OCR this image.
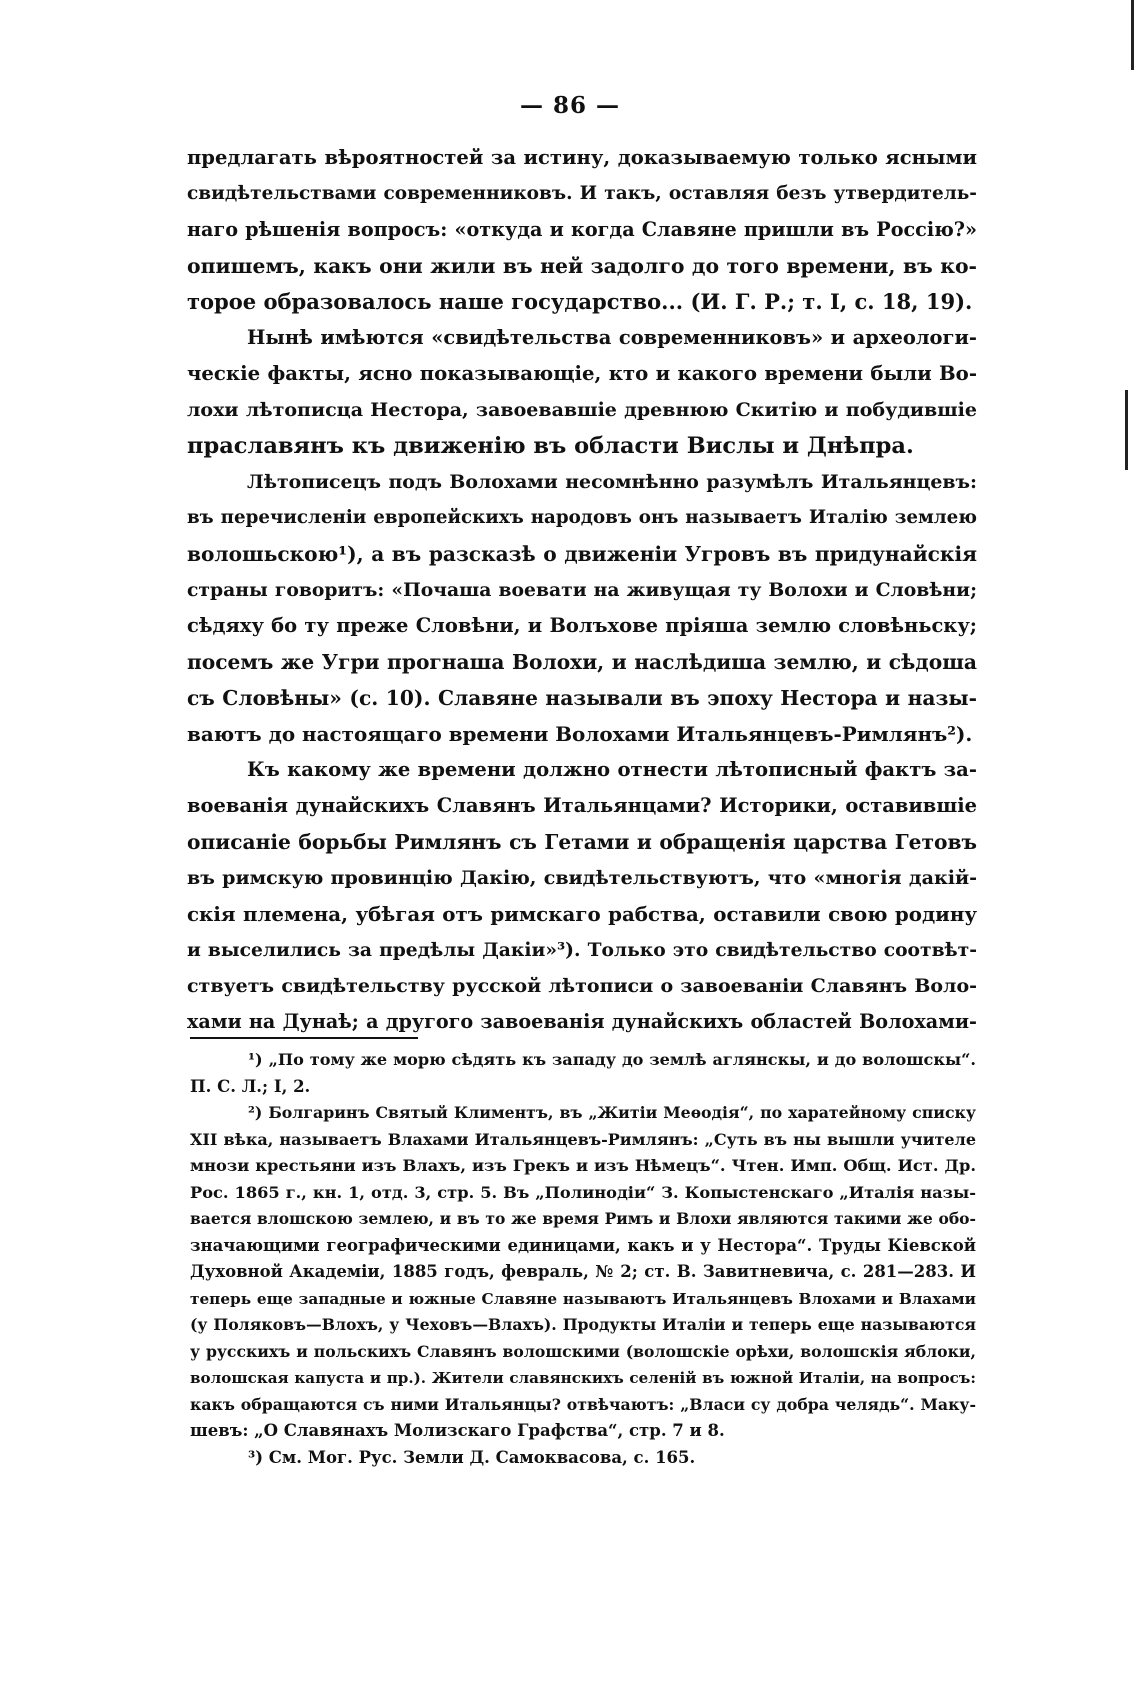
— 86 —
предлагать вѣроятностей за истину, доказываемую только ясными
свидѣтельствами современниковъ. И такъ, оставляя безъ утвердитель-
наго рѣшенія вопросъ: «откуда и когда Славяне пришли въ Россію?»
опишемъ, какъ они жили въ ней задолго до того времени, въ ко-
торое образовалось наше государство... (И. Г. Р.; т. I, с. 18, 19).
Нынѣ имѣются «свидѣтельства современниковъ» и археологи-
ческіе факты, ясно показывающіе, кто и какого времени были Во-
лохи лѣтописца Нестора, завоевавшіе древнюю Скитію и побудившіе
праславянъ къ движенію въ области Вислы и Днѣпра.
Лѣтописецъ подъ Волохами несомнѣнно разумѣлъ Итальянцевъ:
въ перечисленіи европейскихъ народовъ онъ называетъ Италію землею
волошьскою¹), а въ разсказѣ о движеніи Угровъ въ придунайскія
страны говоритъ: «Почаша воевати на живущая ту Волохи и Словѣни;
сѣдяху бо ту преже Словѣни, и Волъхове пріяша землю словѣньску;
посемъ же Угри прогнаша Волохи, и наслѣдиша землю, и сѣдоша
съ Словѣны» (с. 10). Славяне называли въ эпоху Нестора и назы-
ваютъ до настоящаго времени Волохами Итальянцевъ-Римлянъ²).
Къ какому же времени должно отнести лѣтописный фактъ за-
воеванія дунайскихъ Славянъ Итальянцами? Историки, оставившіе
описаніе борьбы Римлянъ съ Гетами и обращенія царства Гетовъ
въ римскую провинцію Дакію, свидѣтельствуютъ, что «многія дакій-
скія племена, убѣгая отъ римскаго рабства, оставили свою родину
и выселились за предѣлы Дакіи»³). Только это свидѣтельство соотвѣт-
ствуетъ свидѣтельству русской лѣтописи о завоеваніи Славянъ Воло-
хами на Дунаѣ; а другого завоеванія дунайскихъ областей Волохами-
¹) „По тому же морю сѣдять къ западу до землѣ аглянскы, и до волошскы“.
П. С. Л.; I, 2.
²) Болгаринъ Святый Климентъ, въ „Житіи Меѳодія“, по харатейному списку
XII вѣка, называетъ Влахами Итальянцевъ-Римлянъ: „Суть въ ны вышли учителе
мнози крестьяни изъ Влахъ, изъ Грекъ и изъ Нѣмецъ“. Чтен. Имп. Общ. Ист. Др.
Рос. 1865 г., кн. 1, отд. 3, стр. 5. Въ „Полинодіи“ З. Копыстенскаго „Италія назы-
вается влошскою землею, и въ то же время Римъ и Влохи являются такими же обо-
значающими географическими единицами, какъ и у Нестора“. Труды Кіевской
Духовной Академіи, 1885 годъ, февраль, № 2; ст. В. Завитневича, с. 281—283. И
теперь еще западные и южные Славяне называютъ Итальянцевъ Влохами и Влахами
(у Поляковъ—Влохъ, у Чеховъ—Влахъ). Продукты Италіи и теперь еще называются
у русскихъ и польскихъ Славянъ волошскими (волошскіе орѣхи, волошскія яблоки,
волошская капуста и пр.). Жители славянскихъ селеній въ южной Италіи, на вопросъ:
какъ обращаются съ ними Итальянцы? отвѣчаютъ: „Власи су добра челядь“. Маку-
шевъ: „О Славянахъ Молизскаго Графства“, стр. 7 и 8.
³) См. Мог. Рус. Земли Д. Самоквасова, с. 165.
